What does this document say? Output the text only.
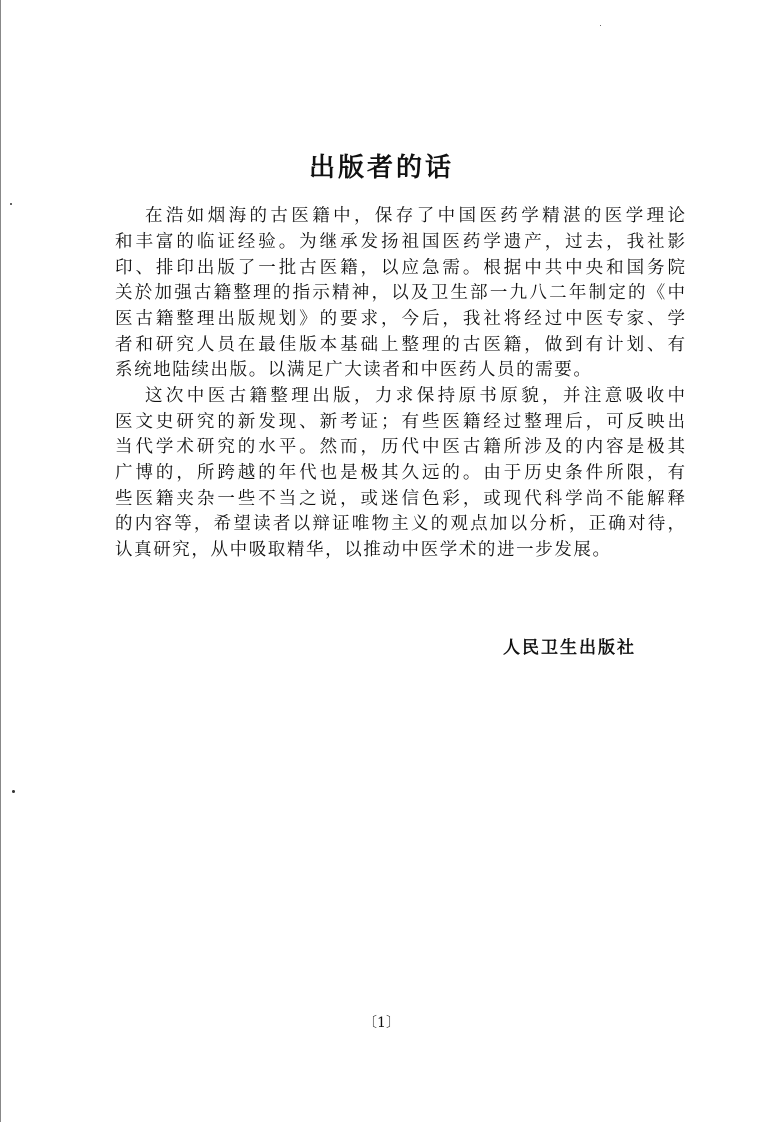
出版者的话
在浩如烟海的古医籍中，保存了中国医药学精湛的医学理论
和丰富的临证经验。为继承发扬祖国医药学遗产，过去，我社影
印、排印出版了一批古医籍，以应急需。根据中共中央和国务院
关於加强古籍整理的指示精神，以及卫生部一九八二年制定的《中
医古籍整理出版规划》的要求，今后，我社将经过中医专家、学
者和研究人员在最佳版本基础上整理的古医籍，做到有计划、有
系统地陆续出版。以满足广大读者和中医药人员的需要。
这次中医古籍整理出版，力求保持原书原貌，并注意吸收中
医文史研究的新发现、新考证；有些医籍经过整理后，可反映出
当代学术研究的水平。然而，历代中医古籍所涉及的内容是极其
广博的，所跨越的年代也是极其久远的。由于历史条件所限，有
些医籍夹杂一些不当之说，或迷信色彩，或现代科学尚不能解释
的内容等，希望读者以辩证唯物主义的观点加以分析，正确对待，
认真研究，从中吸取精华，以推动中医学术的进一步发展。
人民卫生出版社
〔1〕
